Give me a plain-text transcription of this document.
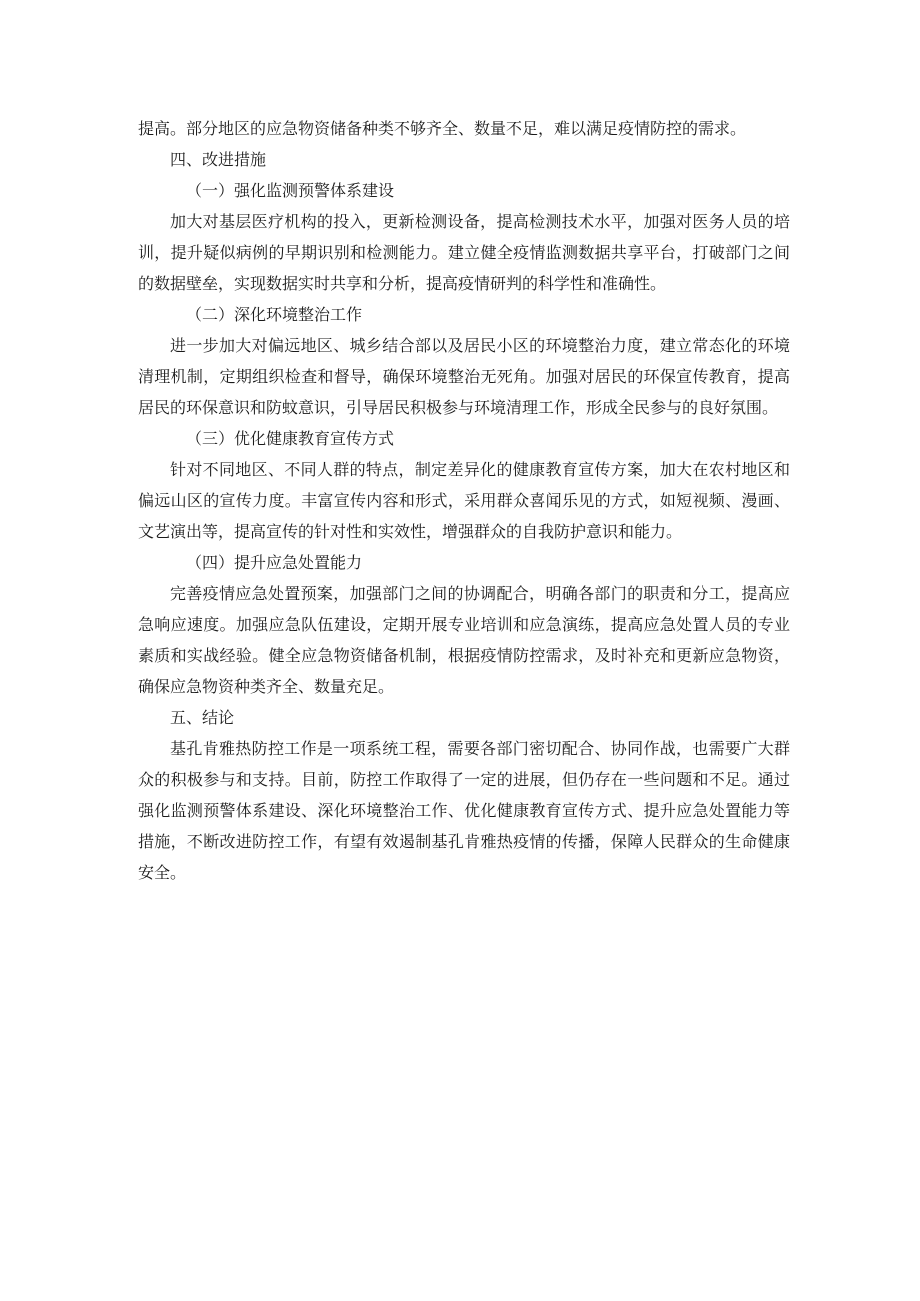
提高。部分地区的应急物资储备种类不够齐全、数量不足，难以满足疫情防控的需求。

四、改进措施

（一）强化监测预警体系建设

加大对基层医疗机构的投入，更新检测设备，提高检测技术水平，加强对医务人员的培训，提升疑似病例的早期识别和检测能力。建立健全疫情监测数据共享平台，打破部门之间的数据壁垒，实现数据实时共享和分析，提高疫情研判的科学性和准确性。

（二）深化环境整治工作

进一步加大对偏远地区、城乡结合部以及居民小区的环境整治力度，建立常态化的环境清理机制，定期组织检查和督导，确保环境整治无死角。加强对居民的环保宣传教育，提高居民的环保意识和防蚊意识，引导居民积极参与环境清理工作，形成全民参与的良好氛围。

（三）优化健康教育宣传方式

针对不同地区、不同人群的特点，制定差异化的健康教育宣传方案，加大在农村地区和偏远山区的宣传力度。丰富宣传内容和形式，采用群众喜闻乐见的方式，如短视频、漫画、文艺演出等，提高宣传的针对性和实效性，增强群众的自我防护意识和能力。

（四）提升应急处置能力

完善疫情应急处置预案，加强部门之间的协调配合，明确各部门的职责和分工，提高应急响应速度。加强应急队伍建设，定期开展专业培训和应急演练，提高应急处置人员的专业素质和实战经验。健全应急物资储备机制，根据疫情防控需求，及时补充和更新应急物资，确保应急物资种类齐全、数量充足。

五、结论

基孔肯雅热防控工作是一项系统工程，需要各部门密切配合、协同作战，也需要广大群众的积极参与和支持。目前，防控工作取得了一定的进展，但仍存在一些问题和不足。通过强化监测预警体系建设、深化环境整治工作、优化健康教育宣传方式、提升应急处置能力等措施，不断改进防控工作，有望有效遏制基孔肯雅热疫情的传播，保障人民群众的生命健康安全。
